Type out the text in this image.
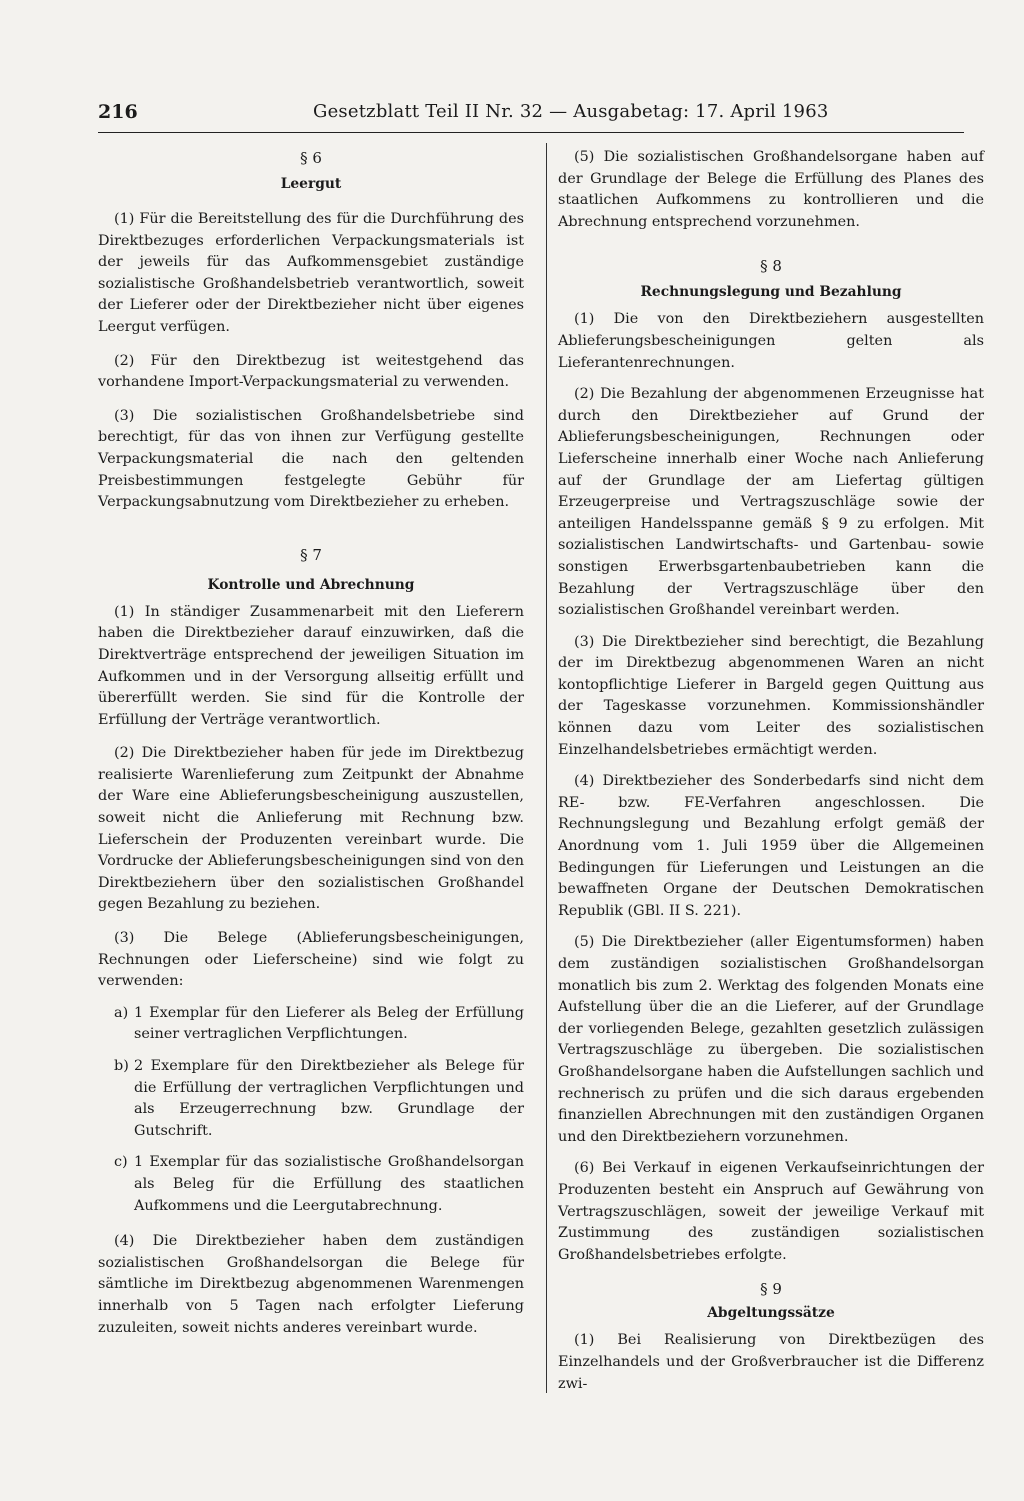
216	Gesetzblatt Teil II Nr. 32 — Ausgabetag: 17. April 1963
§ 6
Leergut

(1) Für die Bereitstellung des für die Durchführung des Direktbezuges erforderlichen Verpackungsmaterials ist der jeweils für das Aufkommensgebiet zuständige sozialistische Großhandelsbetrieb verantwortlich, soweit der Lieferer oder der Direktbezieher nicht über eigenes Leergut verfügen.

(2) Für den Direktbezug ist weitestgehend das vorhandene Import-Verpackungsmaterial zu verwenden.

(3) Die sozialistischen Großhandelsbetriebe sind berechtigt, für das von ihnen zur Verfügung gestellte Verpackungsmaterial die nach den geltenden Preisbestimmungen festgelegte Gebühr für Verpackungsabnutzung vom Direktbezieher zu erheben.

§ 7
Kontrolle und Abrechnung

(1) In ständiger Zusammenarbeit mit den Lieferern haben die Direktbezieher darauf einzuwirken, daß die Direktverträge entsprechend der jeweiligen Situation im Aufkommen und in der Versorgung allseitig erfüllt und übererfüllt werden. Sie sind für die Kontrolle der Erfüllung der Verträge verantwortlich.

(2) Die Direktbezieher haben für jede im Direktbezug realisierte Warenlieferung zum Zeitpunkt der Abnahme der Ware eine Ablieferungsbescheinigung auszustellen, soweit nicht die Anlieferung mit Rechnung bzw. Lieferschein der Produzenten vereinbart wurde. Die Vordrucke der Ablieferungsbescheinigungen sind von den Direktbeziehern über den sozialistischen Großhandel gegen Bezahlung zu beziehen.

(3) Die Belege (Ablieferungsbescheinigungen, Rechnungen oder Lieferscheine) sind wie folgt zu verwenden:

a) 1 Exemplar für den Lieferer als Beleg der Erfüllung seiner vertraglichen Verpflichtungen.
b) 2 Exemplare für den Direktbezieher als Belege für die Erfüllung der vertraglichen Verpflichtungen und als Erzeugerrechnung bzw. Grundlage der Gutschrift.
c) 1 Exemplar für das sozialistische Großhandelsorgan als Beleg für die Erfüllung des staatlichen Aufkommens und die Leergutabrechnung.

(4) Die Direktbezieher haben dem zuständigen sozialistischen Großhandelsorgan die Belege für sämtliche im Direktbezug abgenommenen Warenmengen innerhalb von 5 Tagen nach erfolgter Lieferung zuzuleiten, soweit nichts anderes vereinbart wurde.

(5) Die sozialistischen Großhandelsorgane haben auf der Grundlage der Belege die Erfüllung des Planes des staatlichen Aufkommens zu kontrollieren und die Abrechnung entsprechend vorzunehmen.

§ 8
Rechnungslegung und Bezahlung

(1) Die von den Direktbeziehern ausgestellten Ablieferungsbescheinigungen gelten als Lieferantenrechnungen.

(2) Die Bezahlung der abgenommenen Erzeugnisse hat durch den Direktbezieher auf Grund der Ablieferungsbescheinigungen, Rechnungen oder Lieferscheine innerhalb einer Woche nach Anlieferung auf der Grundlage der am Liefertag gültigen Erzeugerpreise und Vertragszuschläge sowie der anteiligen Handelsspanne gemäß § 9 zu erfolgen. Mit sozialistischen Landwirtschafts- und Gartenbau- sowie sonstigen Erwerbsgartenbaubetrieben kann die Bezahlung der Vertragszuschläge über den sozialistischen Großhandel vereinbart werden.

(3) Die Direktbezieher sind berechtigt, die Bezahlung der im Direktbezug abgenommenen Waren an nicht kontopflichtige Lieferer in Bargeld gegen Quittung aus der Tageskasse vorzunehmen. Kommissionshändler können dazu vom Leiter des sozialistischen Einzelhandelsbetriebes ermächtigt werden.

(4) Direktbezieher des Sonderbedarfs sind nicht dem RE- bzw. FE-Verfahren angeschlossen. Die Rechnungslegung und Bezahlung erfolgt gemäß der Anordnung vom 1. Juli 1959 über die Allgemeinen Bedingungen für Lieferungen und Leistungen an die bewaffneten Organe der Deutschen Demokratischen Republik (GBl. II S. 221).

(5) Die Direktbezieher (aller Eigentumsformen) haben dem zuständigen sozialistischen Großhandelsorgan monatlich bis zum 2. Werktag des folgenden Monats eine Aufstellung über die an die Lieferer, auf der Grundlage der vorliegenden Belege, gezahlten gesetzlich zulässigen Vertragszuschläge zu übergeben. Die sozialistischen Großhandelsorgane haben die Aufstellungen sachlich und rechnerisch zu prüfen und die sich daraus ergebenden finanziellen Abrechnungen mit den zuständigen Organen und den Direktbeziehern vorzunehmen.

(6) Bei Verkauf in eigenen Verkaufseinrichtungen der Produzenten besteht ein Anspruch auf Gewährung von Vertragszuschlägen, soweit der jeweilige Verkauf mit Zustimmung des zuständigen sozialistischen Großhandelsbetriebes erfolgte.

§ 9
Abgeltungssätze

(1) Bei Realisierung von Direktbezügen des Einzelhandels und der Großverbraucher ist die Differenz zwi-
